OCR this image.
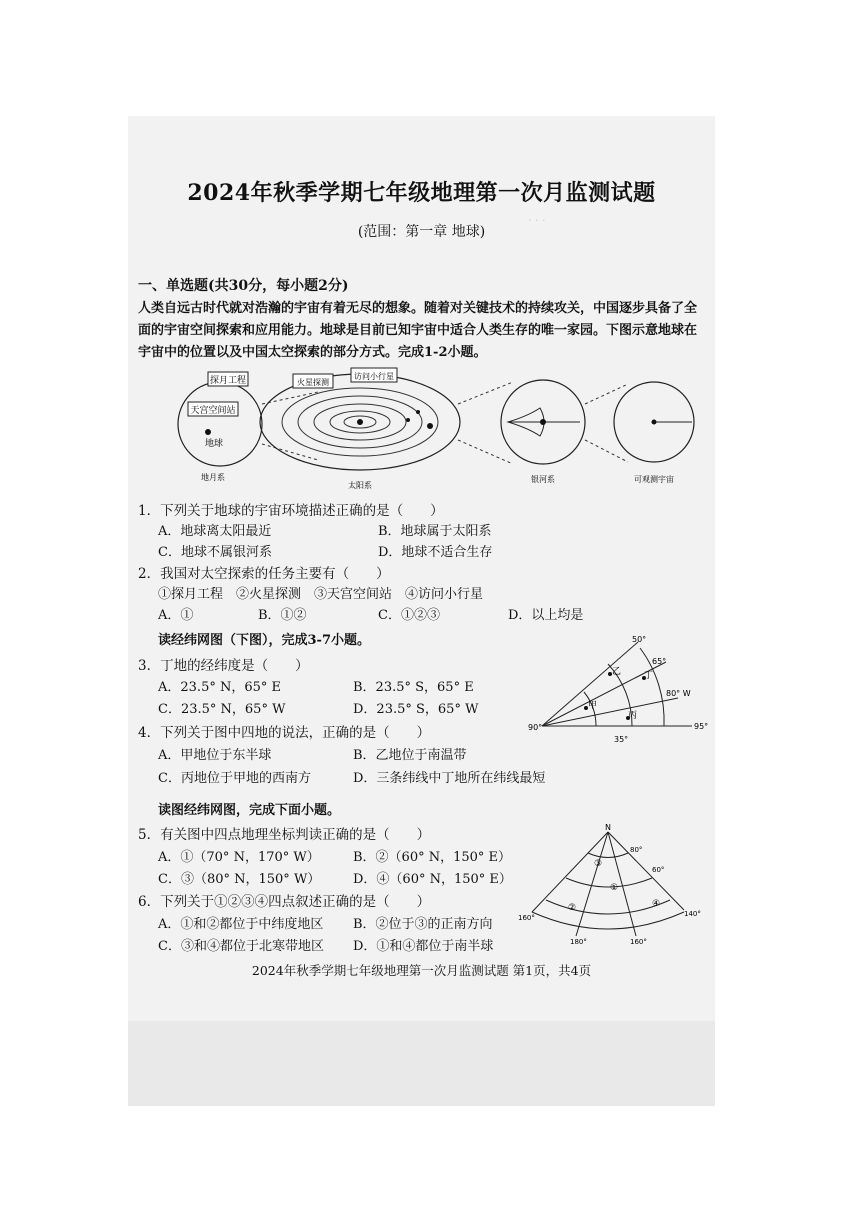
· · ·
2024年秋季学期七年级地理第一次月监测试题
(范围：第一章 地球)
一、单选题(共30分，每小题2分)
人类自远古时代就对浩瀚的宇宙有着无尽的想象。随着对关键技术的持续攻关，中国逐步具备了全面的宇宙空间探索和应用能力。地球是目前已知宇宙中适合人类生存的唯一家园。下图示意地球在宇宙中的位置以及中国太空探索的部分方式。完成1-2小题。
探月工程
天宫空间站
地球
地月系
火星探测
访问小行星
太阳系
银河系	可观测宇宙
1．下列关于地球的宇宙环境描述正确的是（　　）
A．地球离太阳最近	B．地球属于太阳系
C．地球不属银河系	D．地球不适合生存
2．我国对太空探索的任务主要有（　　）
①探月工程　②火星探测　③天宫空间站　④访问小行星
A．①	B．①②	C．①②③	D．以上均是
读经纬网图（下图），完成3-7小题。
3．丁地的经纬度是（　　）
A．23.5° N，65° E	B．23.5° S，65° E
C．23.5° N，65° W	D．23.5° S，65° W
4．下列关于图中四地的说法，正确的是（　　）
A．甲地位于东半球	B．乙地位于南温带
C．丙地位于甲地的西南方	D．三条纬线中丁地所在纬线最短
50°
65°
80° W
95°
90°
35°
甲
乙
丙
丁
读图经纬网图，完成下面小题。
5．有关图中四点地理坐标判读正确的是（　　）
A．①（70° N，170° W）	B．②（60° N，150° E）
C．③（80° N，150° W）	D．④（60° N，150° E）
6．下列关于①②③④四点叙述正确的是（　　）
A．①和②都位于中纬度地区 B．②位于③的正南方向
C．③和④都位于北寒带地区 D．①和④都位于南半球
N
80°
60°
160°	140°
180°	160°
③
①
②	④
2024年秋季学期七年级地理第一次月监测试题 第1页，共4页
